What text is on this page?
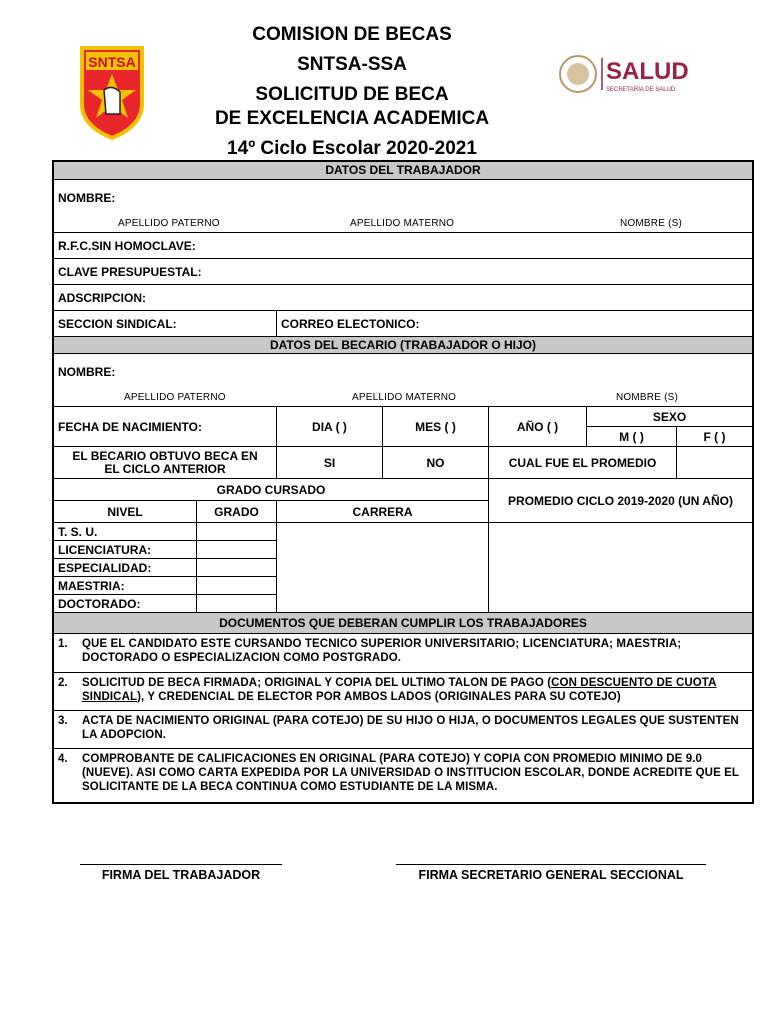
SNTSA
COMISION DE BECAS
SNTSA-SSA
SOLICITUD DE BECA
DE EXCELENCIA ACADEMICA
14º Ciclo Escolar 2020-2021
SALUD
SECRETARÍA DE SALUD
DATOS DEL TRABAJADOR
NOMBRE:
APELLIDO PATERNO	APELLIDO MATERNO	NOMBRE (S)
R.F.C.SIN HOMOCLAVE:
CLAVE PRESUPUESTAL:
ADSCRIPCION:
SECCION SINDICAL:	CORREO ELECTONICO:
DATOS DEL BECARIO (TRABAJADOR O HIJO)
NOMBRE:
APELLIDO PATERNO	APELLIDO MATERNO	NOMBRE (S)
FECHA DE NACIMIENTO:	DIA ( )	MES ( )	AÑO ( )
SEXO
M ( )	F ( )
EL BECARIO OBTUVO BECA EN
EL CICLO ANTERIOR	SI	NO	CUAL FUE EL PROMEDIO
GRADO CURSADO
PROMEDIO CICLO 2019-2020 (UN AÑO)
NIVEL	GRADO	CARRERA
T. S. U.
LICENCIATURA:
ESPECIALIDAD:
MAESTRIA:
DOCTORADO:
DOCUMENTOS QUE DEBERAN CUMPLIR LOS TRABAJADORES
1.	QUE EL CANDIDATO ESTE CURSANDO TECNICO SUPERIOR UNIVERSITARIO; LICENCIATURA; MAESTRIA; DOCTORADO O ESPECIALIZACION COMO POSTGRADO.
2.	SOLICITUD DE BECA FIRMADA; ORIGINAL Y COPIA DEL ULTIMO TALON DE PAGO (CON DESCUENTO DE CUOTA SINDICAL), Y CREDENCIAL DE ELECTOR POR AMBOS LADOS (ORIGINALES PARA SU COTEJO)
3.	ACTA DE NACIMIENTO ORIGINAL (PARA COTEJO) DE SU HIJO O HIJA, O DOCUMENTOS LEGALES QUE SUSTENTEN LA ADOPCION.
4.	COMPROBANTE DE CALIFICACIONES EN ORIGINAL (PARA COTEJO) Y COPIA CON PROMEDIO MINIMO DE 9.0 (NUEVE). ASI COMO CARTA EXPEDIDA POR LA UNIVERSIDAD O INSTITUCION ESCOLAR, DONDE ACREDITE QUE EL SOLICITANTE DE LA BECA CONTINUA COMO ESTUDIANTE DE LA MISMA.
FIRMA DEL TRABAJADOR	FIRMA SECRETARIO GENERAL SECCIONAL
